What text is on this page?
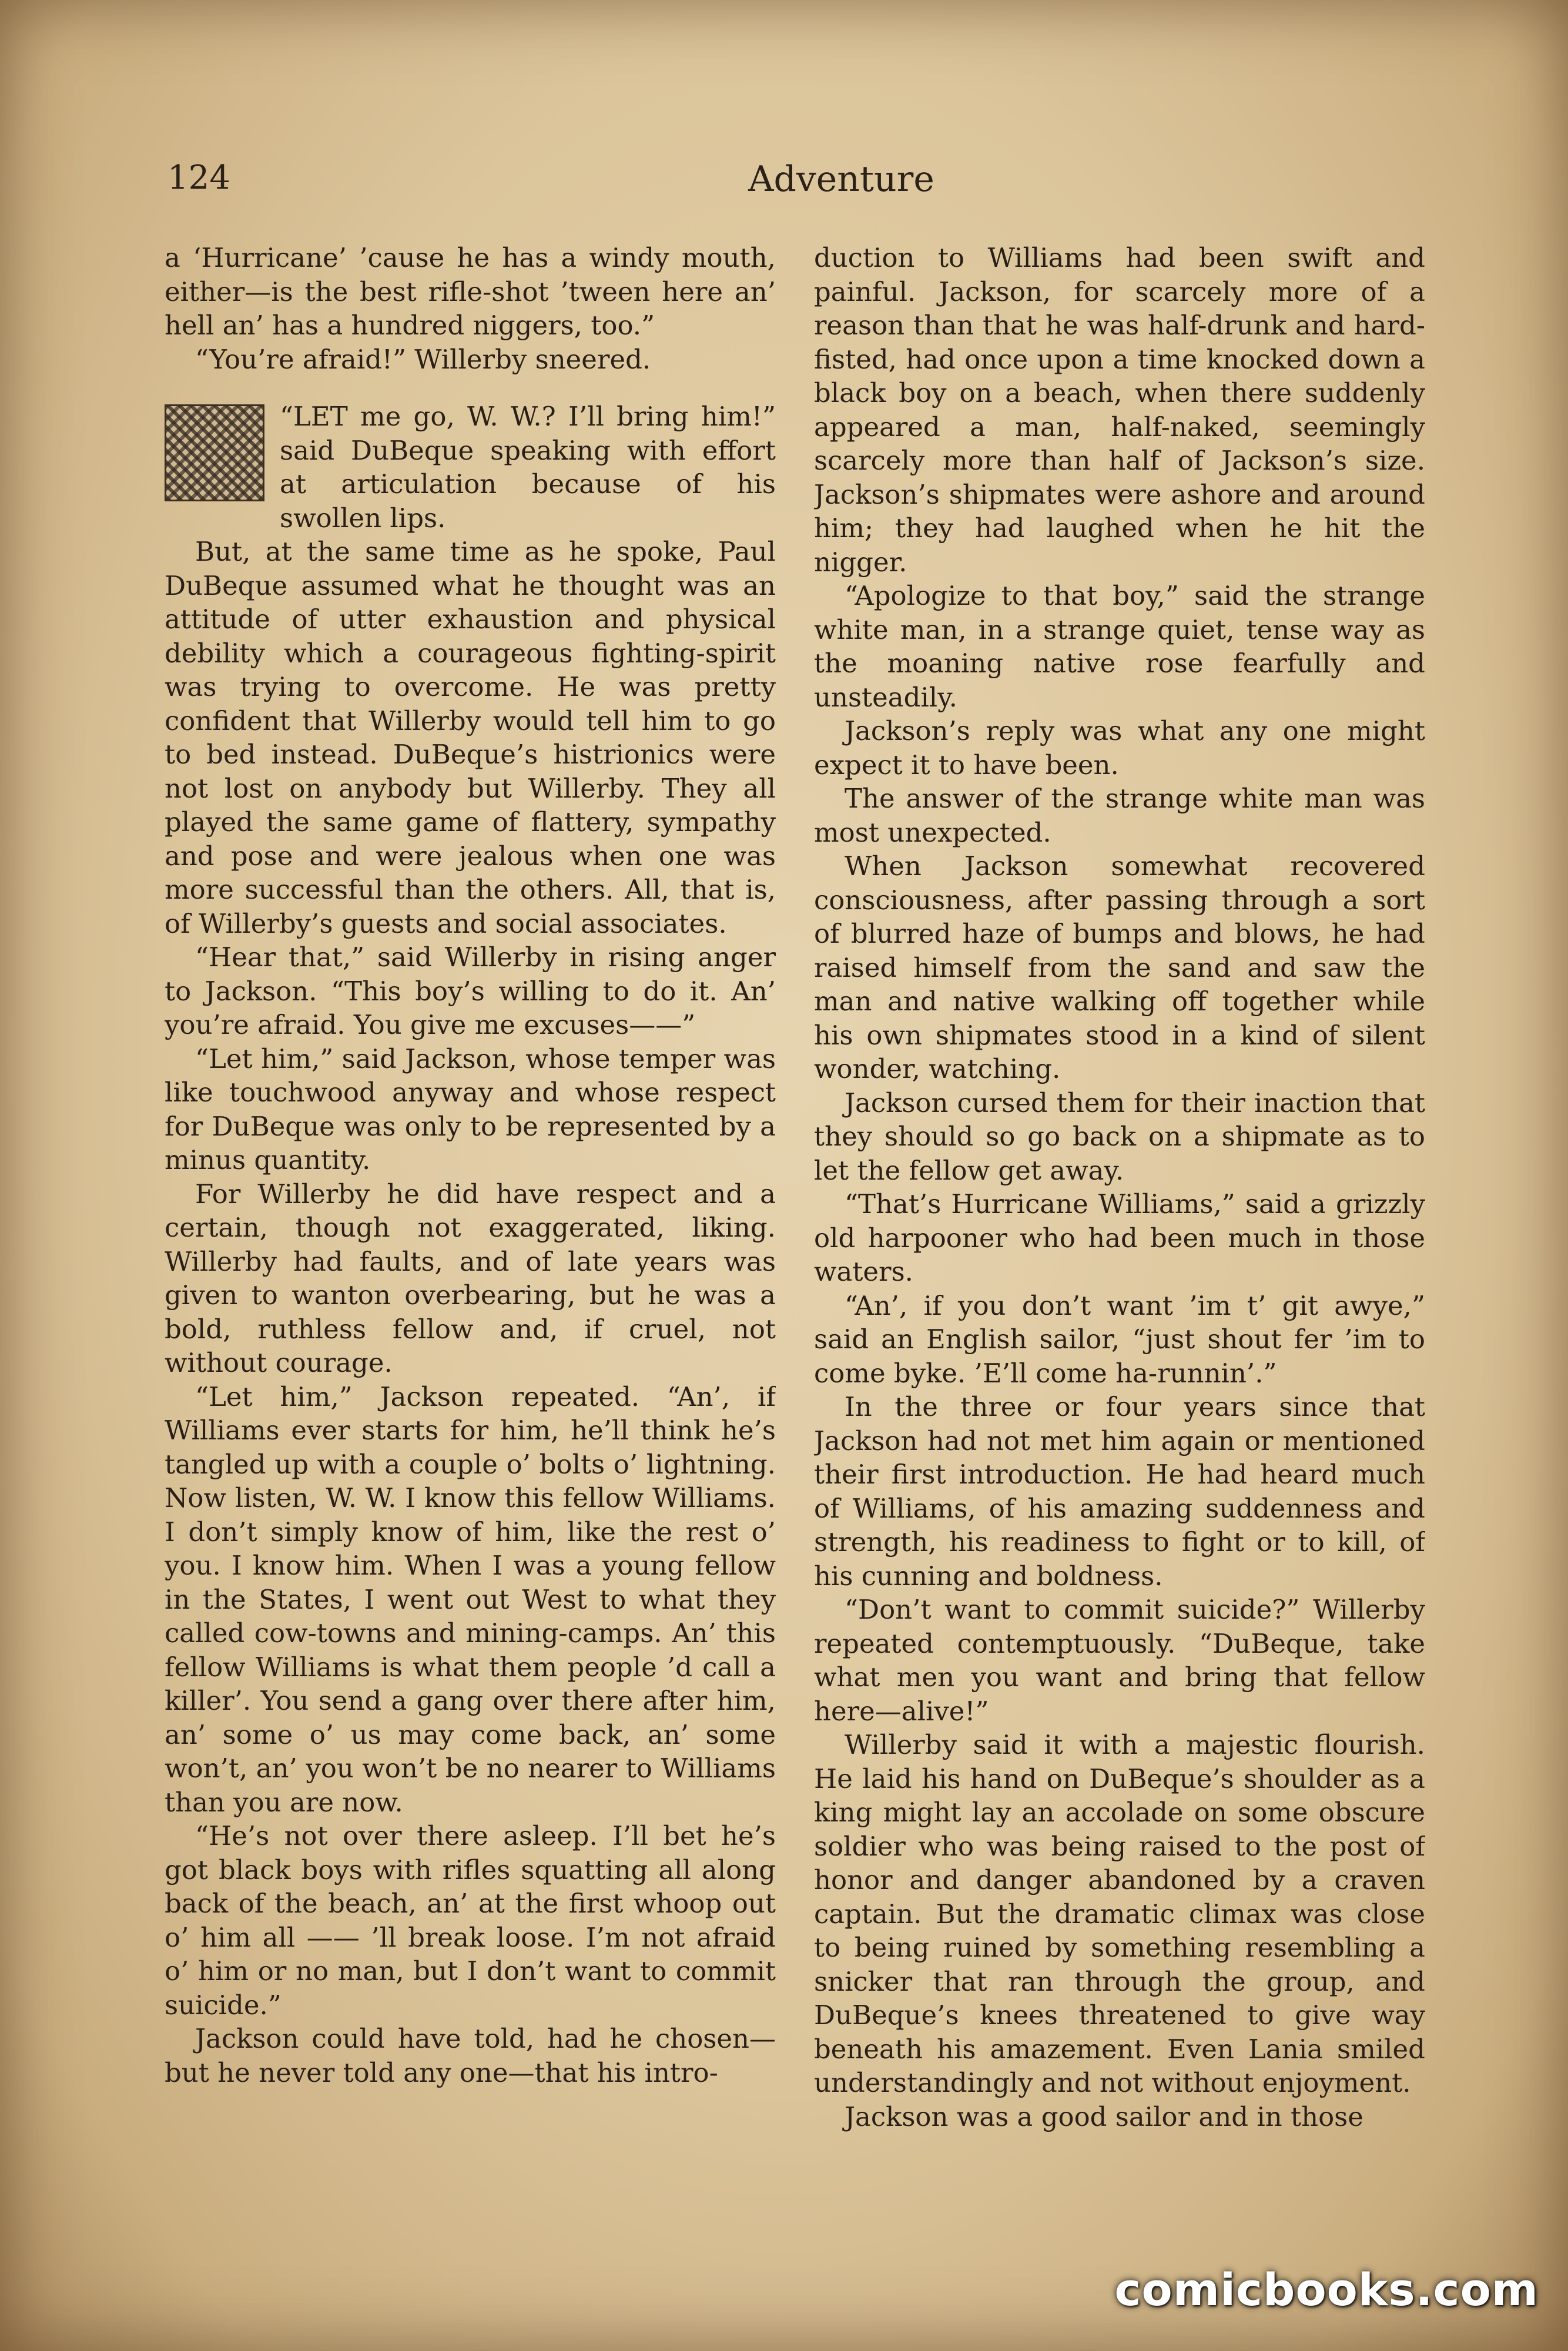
124	Adventure

a ‘Hurricane’ ’cause he has a windy mouth, either—is the best rifle-shot ’tween here an’ hell an’ has a hundred niggers, too.”

“You’re afraid!” Willerby sneered.

“LET me go, W. W.? I’ll bring him!” said DuBeque speaking with effort at articulation because of his swollen lips.

But, at the same time as he spoke, Paul DuBeque assumed what he thought was an attitude of utter exhaustion and physical debility which a courageous fighting-spirit was trying to overcome. He was pretty confident that Willerby would tell him to go to bed instead. DuBeque’s histrionics were not lost on anybody but Willerby. They all played the same game of flattery, sympathy and pose and were jealous when one was more successful than the others. All, that is, of Willerby’s guests and social associates.

“Hear that,” said Willerby in rising anger to Jackson. “This boy’s willing to do it. An’ you’re afraid. You give me excuses——”

“Let him,” said Jackson, whose temper was like touchwood anyway and whose respect for DuBeque was only to be represented by a minus quantity.

For Willerby he did have respect and a certain, though not exaggerated, liking. Willerby had faults, and of late years was given to wanton overbearing, but he was a bold, ruthless fellow and, if cruel, not without courage.

“Let him,” Jackson repeated. “An’, if Williams ever starts for him, he’ll think he’s tangled up with a couple o’ bolts o’ lightning. Now listen, W. W. I know this fellow Williams. I don’t simply know of him, like the rest o’ you. I know him. When I was a young fellow in the States, I went out West to what they called cow-towns and mining-camps. An’ this fellow Williams is what them people ’d call a killer’. You send a gang over there after him, an’ some o’ us may come back, an’ some won’t, an’ you won’t be no nearer to Williams than you are now.

“He’s not over there asleep. I’ll bet he’s got black boys with rifles squatting all along back of the beach, an’ at the first whoop out o’ him all —— ’ll break loose. I’m not afraid o’ him or no man, but I don’t want to commit suicide.”

Jackson could have told, had he chosen—but he never told any one—that his intro-

duction to Williams had been swift and painful. Jackson, for scarcely more of a reason than that he was half-drunk and hard-fisted, had once upon a time knocked down a black boy on a beach, when there suddenly appeared a man, half-naked, seemingly scarcely more than half of Jackson’s size. Jackson’s shipmates were ashore and around him; they had laughed when he hit the nigger.

“Apologize to that boy,” said the strange white man, in a strange quiet, tense way as the moaning native rose fearfully and unsteadily.

Jackson’s reply was what any one might expect it to have been.

The answer of the strange white man was most unexpected.

When Jackson somewhat recovered consciousness, after passing through a sort of blurred haze of bumps and blows, he had raised himself from the sand and saw the man and native walking off together while his own shipmates stood in a kind of silent wonder, watching.

Jackson cursed them for their inaction that they should so go back on a shipmate as to let the fellow get away.

“That’s Hurricane Williams,” said a grizzly old harpooner who had been much in those waters.

“An’, if you don’t want ’im t’ git awye,” said an English sailor, “just shout fer ’im to come byke. ’E’ll come ha-runnin’.”

In the three or four years since that Jackson had not met him again or mentioned their first introduction. He had heard much of Williams, of his amazing suddenness and strength, his readiness to fight or to kill, of his cunning and boldness.

“Don’t want to commit suicide?” Willerby repeated contemptuously. “DuBeque, take what men you want and bring that fellow here—alive!”

Willerby said it with a majestic flourish. He laid his hand on DuBeque’s shoulder as a king might lay an accolade on some obscure soldier who was being raised to the post of honor and danger abandoned by a craven captain. But the dramatic climax was close to being ruined by something resembling a snicker that ran through the group, and DuBeque’s knees threatened to give way beneath his amazement. Even Lania smiled understandingly and not without enjoyment.

Jackson was a good sailor and in those

comicbooks.com
